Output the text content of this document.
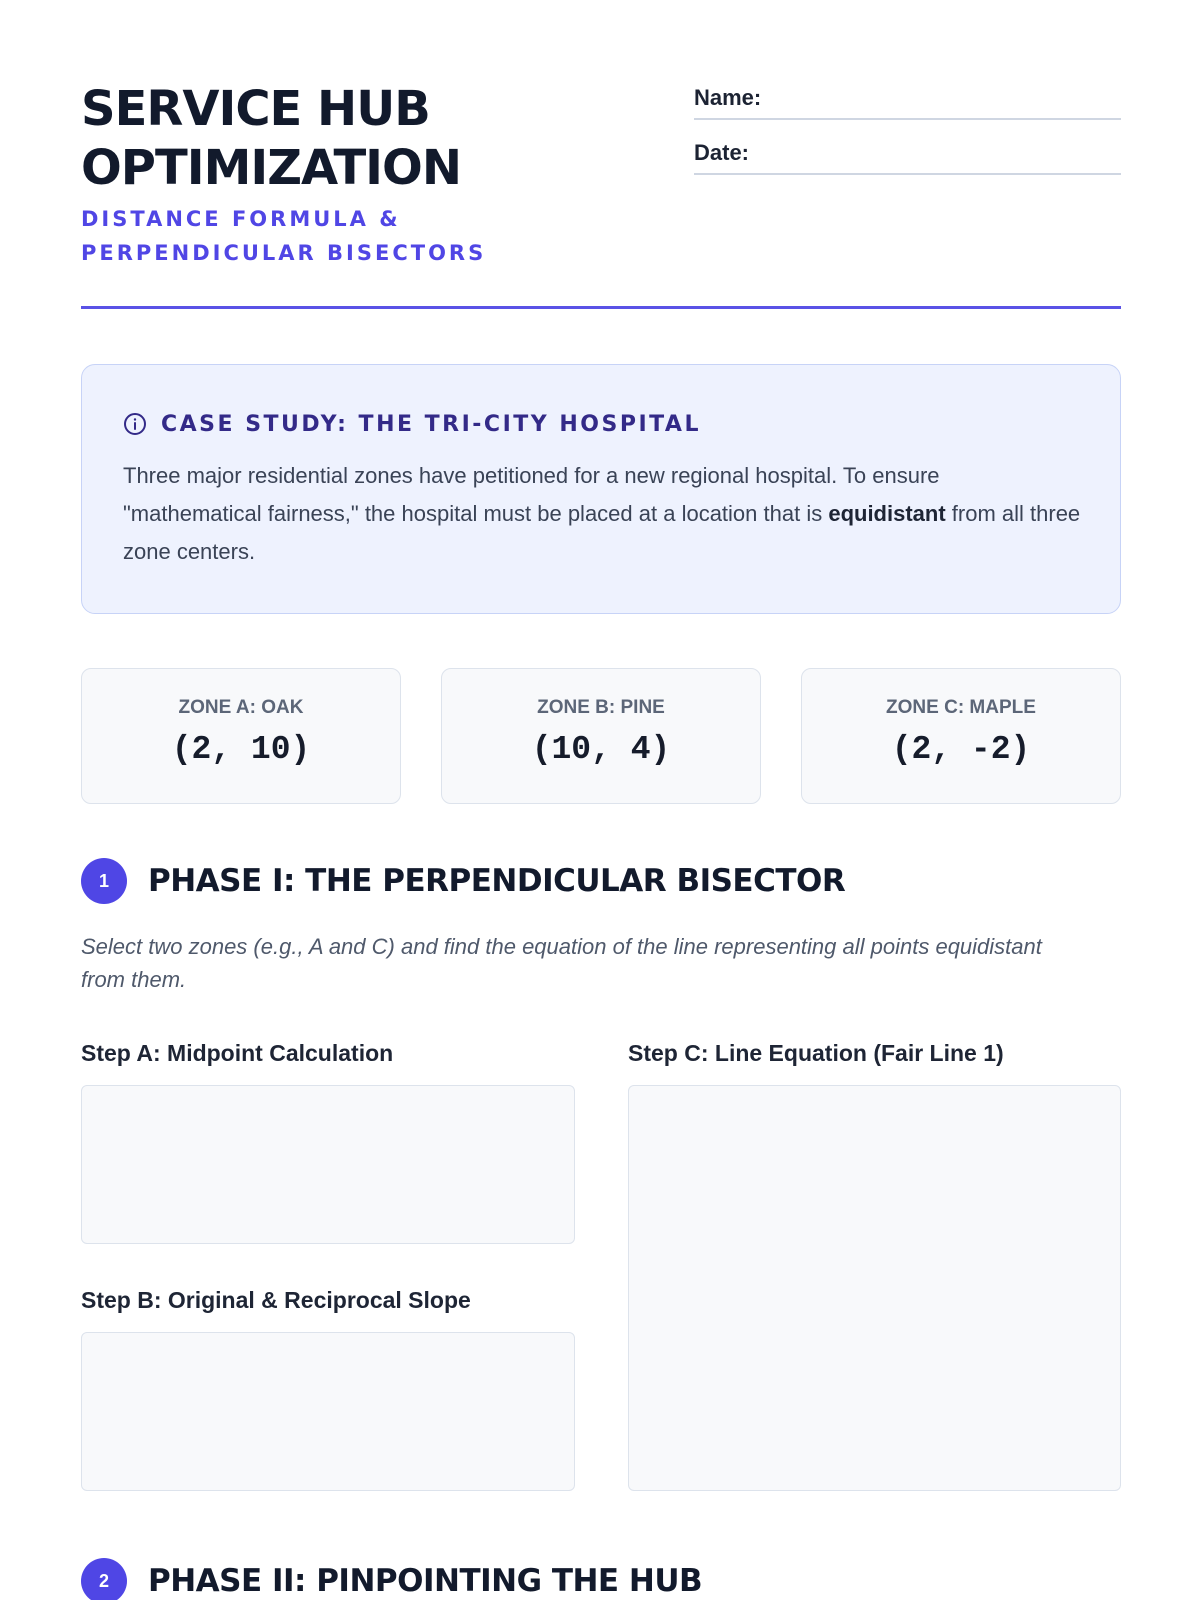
SERVICE HUB OPTIMIZATION
DISTANCE FORMULA & PERPENDICULAR BISECTORS
Name:
Date:
CASE STUDY: THE TRI-CITY HOSPITAL

Three major residential zones have petitioned for a new regional hospital. To ensure "mathematical fairness," the hospital must be placed at a location that is equidistant from all three zone centers.

ZONE A: OAK
(2, 10)
ZONE B: PINE
(10, 4)
ZONE C: MAPLE
(2, -2)
1	PHASE I: THE PERPENDICULAR BISECTOR

Select two zones (e.g., A and C) and find the equation of the line representing all points equidistant from them.

Step A: Midpoint Calculation
Step B: Original & Reciprocal Slope
Step C: Line Equation (Fair Line 1)
2	PHASE II: PINPOINTING THE HUB
